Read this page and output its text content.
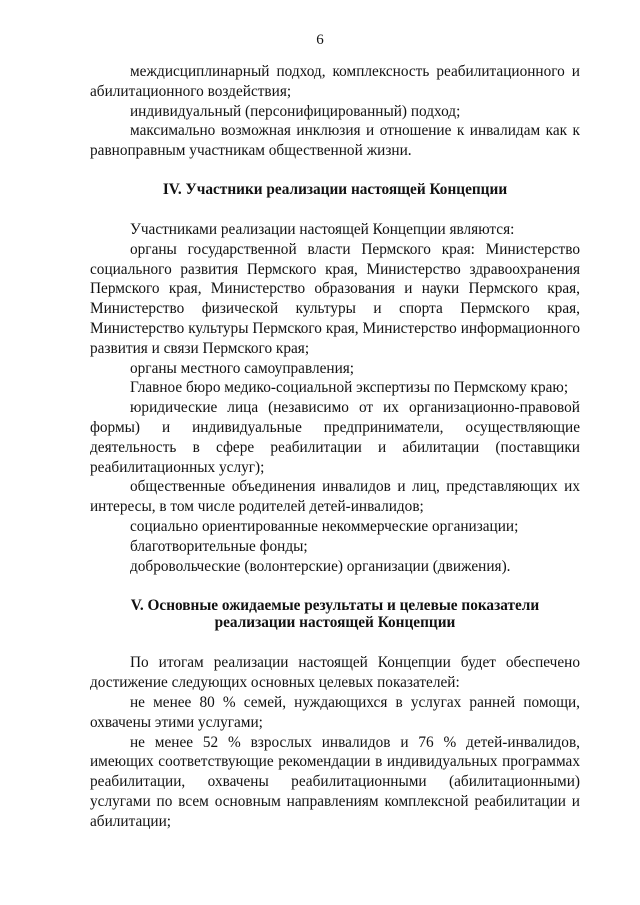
6

междисциплинарный подход, комплексность реабилитационного и абилитационного воздействия;

индивидуальный (персонифицированный) подход;

максимально возможная инклюзия и отношение к инвалидам как к равноправным участникам общественной жизни.

IV. Участники реализации настоящей Концепции

Участниками реализации настоящей Концепции являются:

органы государственной власти Пермского края: Министерство социального развития Пермского края, Министерство здравоохранения Пермского края, Министерство образования и науки Пермского края, Министерство физической культуры и спорта Пермского края, Министерство культуры Пермского края, Министерство информационного развития и связи Пермского края;

органы местного самоуправления;

Главное бюро медико-социальной экспертизы по Пермскому краю;

юридические лица (независимо от их организационно-правовой формы) и индивидуальные предприниматели, осуществляющие деятельность в сфере реабилитации и абилитации (поставщики реабилитационных услуг);

общественные объединения инвалидов и лиц, представляющих их интересы, в том числе родителей детей-инвалидов;

социально ориентированные некоммерческие организации;

благотворительные фонды;

добровольческие (волонтерские) организации (движения).

V. Основные ожидаемые результаты и целевые показатели
реализации настоящей Концепции

По итогам реализации настоящей Концепции будет обеспечено достижение следующих основных целевых показателей:

не менее 80 % семей, нуждающихся в услугах ранней помощи, охвачены этими услугами;

не менее 52 % взрослых инвалидов и 76 % детей-инвалидов, имеющих соответствующие рекомендации в индивидуальных программах реабилитации, охвачены реабилитационными (абилитационными) услугами по всем основным направлениям комплексной реабилитации и абилитации;
